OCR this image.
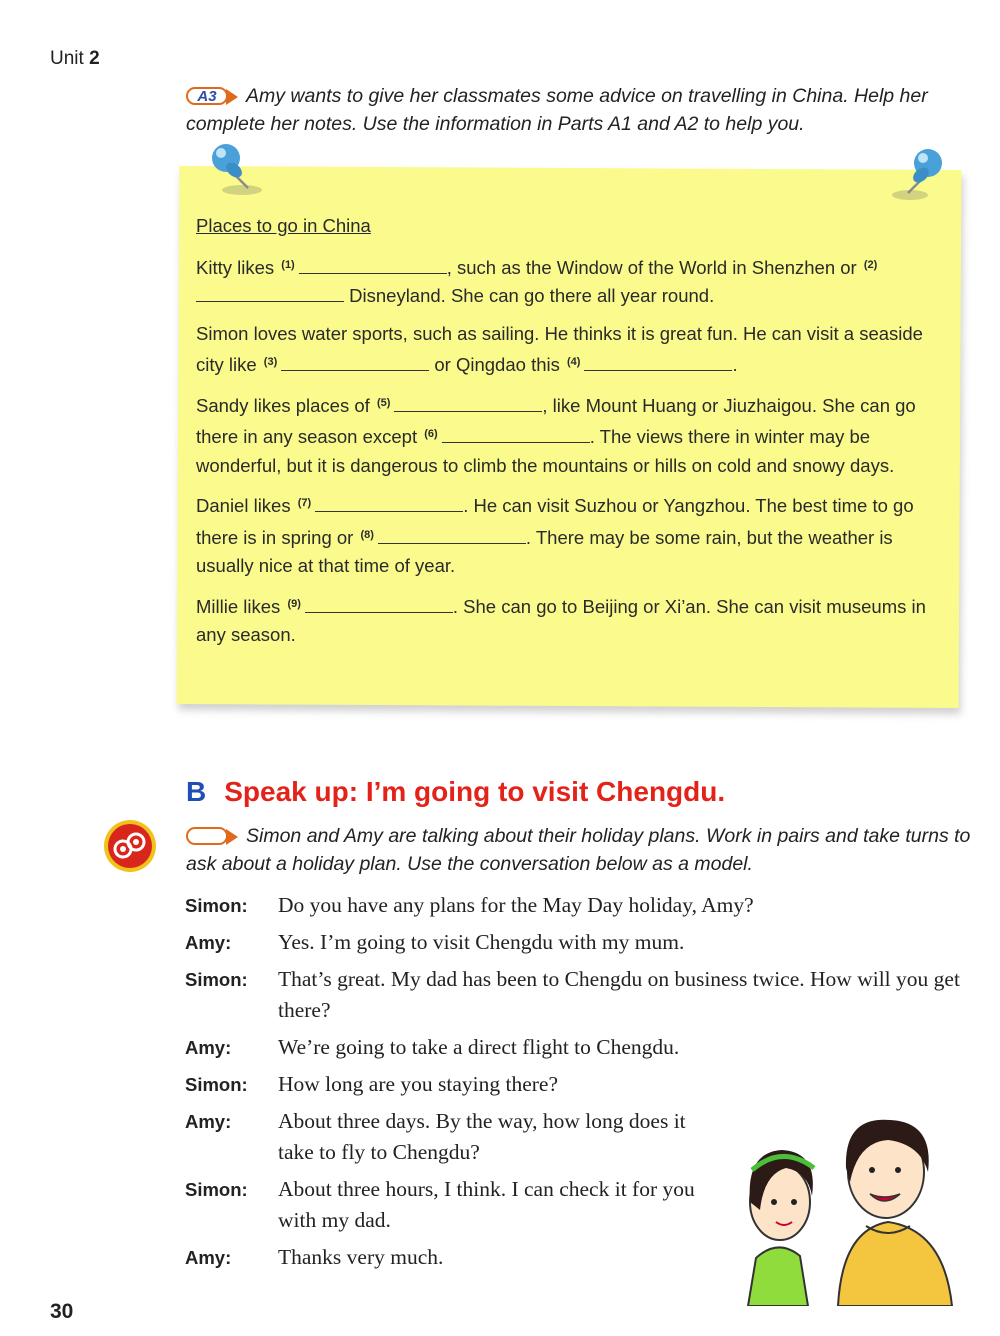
Unit 2
A3	Amy wants to give her classmates some advice on travelling in China. Help her complete her notes. Use the information in Parts A1 and A2 to help you.

Places to go in China

Kitty likes $^{(1)}$	, such as the Window of the World in Shenzhen or $^{(2)}$ Disneyland. She can go there all year round.

Simon loves water sports, such as sailing. He thinks it is great fun. He can visit a seaside city like $^{(3)}$	or Qingdao this $^{(4)}$	.

Sandy likes places of $^{(5)}$	, like Mount Huang or Jiuzhaigou. She can go there in any season except $^{(6)}$	. The views there in winter may be wonderful, but it is dangerous to climb the mountains or hills on cold and snowy days.

Daniel likes $^{(7)}$	. He can visit Suzhou or Yangzhou. The best time to go there is in spring or $^{(8)}$	. There may be some rain, but the weather is usually nice at that time of year.

Millie likes $^{(9)}$	. She can go to Beijing or Xi’an. She can visit museums in any season.

B Speak up: I’m going to visit Chengdu.
Simon and Amy are talking about their holiday plans. Work in pairs and take turns to ask about a holiday plan. Use the conversation below as a model.
Simon:	Do you have any plans for the May Day holiday, Amy?
Amy:	Yes. I’m going to visit Chengdu with my mum.
Simon:	That’s great. My dad has been to Chengdu on business twice. How will you get there?
Amy:	We’re going to take a direct flight to Chengdu.
Simon:	How long are you staying there?
Amy:	About three days. By the way, how long does it take to fly to Chengdu?
Simon:	About three hours, I think. I can check it for you with my dad.
Amy:	Thanks very much.
30
